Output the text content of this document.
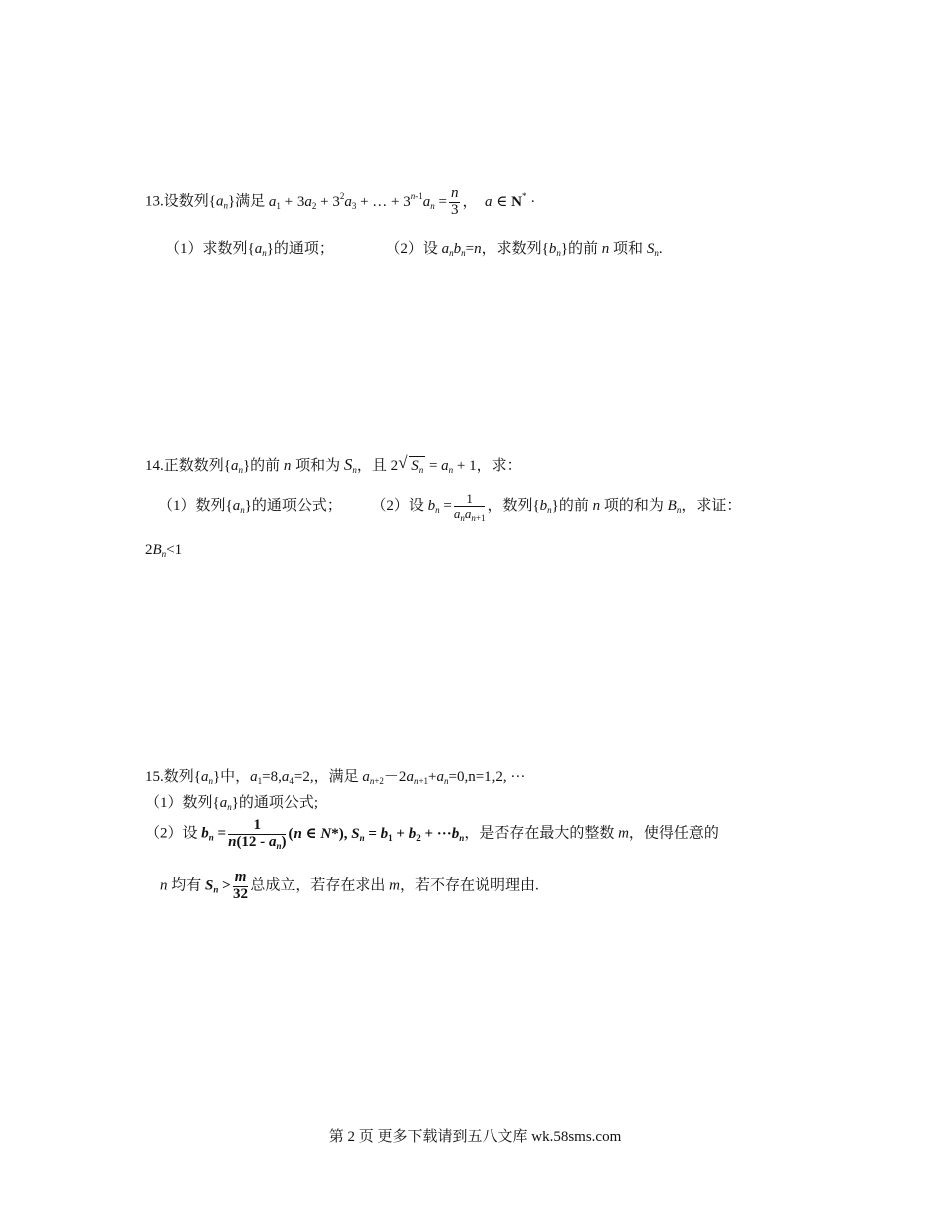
13.设数列$\{a_n\}$满足 $a_1 + 3a_2 + 3^2a_3$ + … + $3^{n-1}a_n = \frac{n}{3}$ ，  a ∈ N* ·
（1）求数列$\{a_n\}$的通项；	（2）设 $a_nb_n=n$，求数列$\{b_n\}$的前 n 项和 $S_n$.
14.正数数列$\{a_n\}$的前 n 项和为 $S_n$，且 2√ $S_n = a_n + 1$，求：
（1）数列$\{a_n\}$的通项公式； （2）设 $b_n = \frac{1}{a_na_{n+1}}$ ，数列$\{b_n\}$的前 n 项的和为 $B_n$，求证：
$2B_n<1$
15.数列$\{a_n\}$中，$a_1=8,a_4=2$,，满足 $a_{n+2}-2a_{n+1}+a_n=0,n=1,2$, ···
（1）数列$\{a_n\}$的通项公式;
（2）设 $b_n = \frac{1}{n(12 - a_n)} (n$ ∈ N*), $S_n = b_1 + b_2 + \cdot\cdot\cdot b_n$，是否存在最大的整数 m，使得任意的
n 均有 $S_n > \frac{m}{32}$ 总成立，若存在求出 m，若不存在说明理由.
第 2 页 更多下载请到五八文库 wk.58sms.com
